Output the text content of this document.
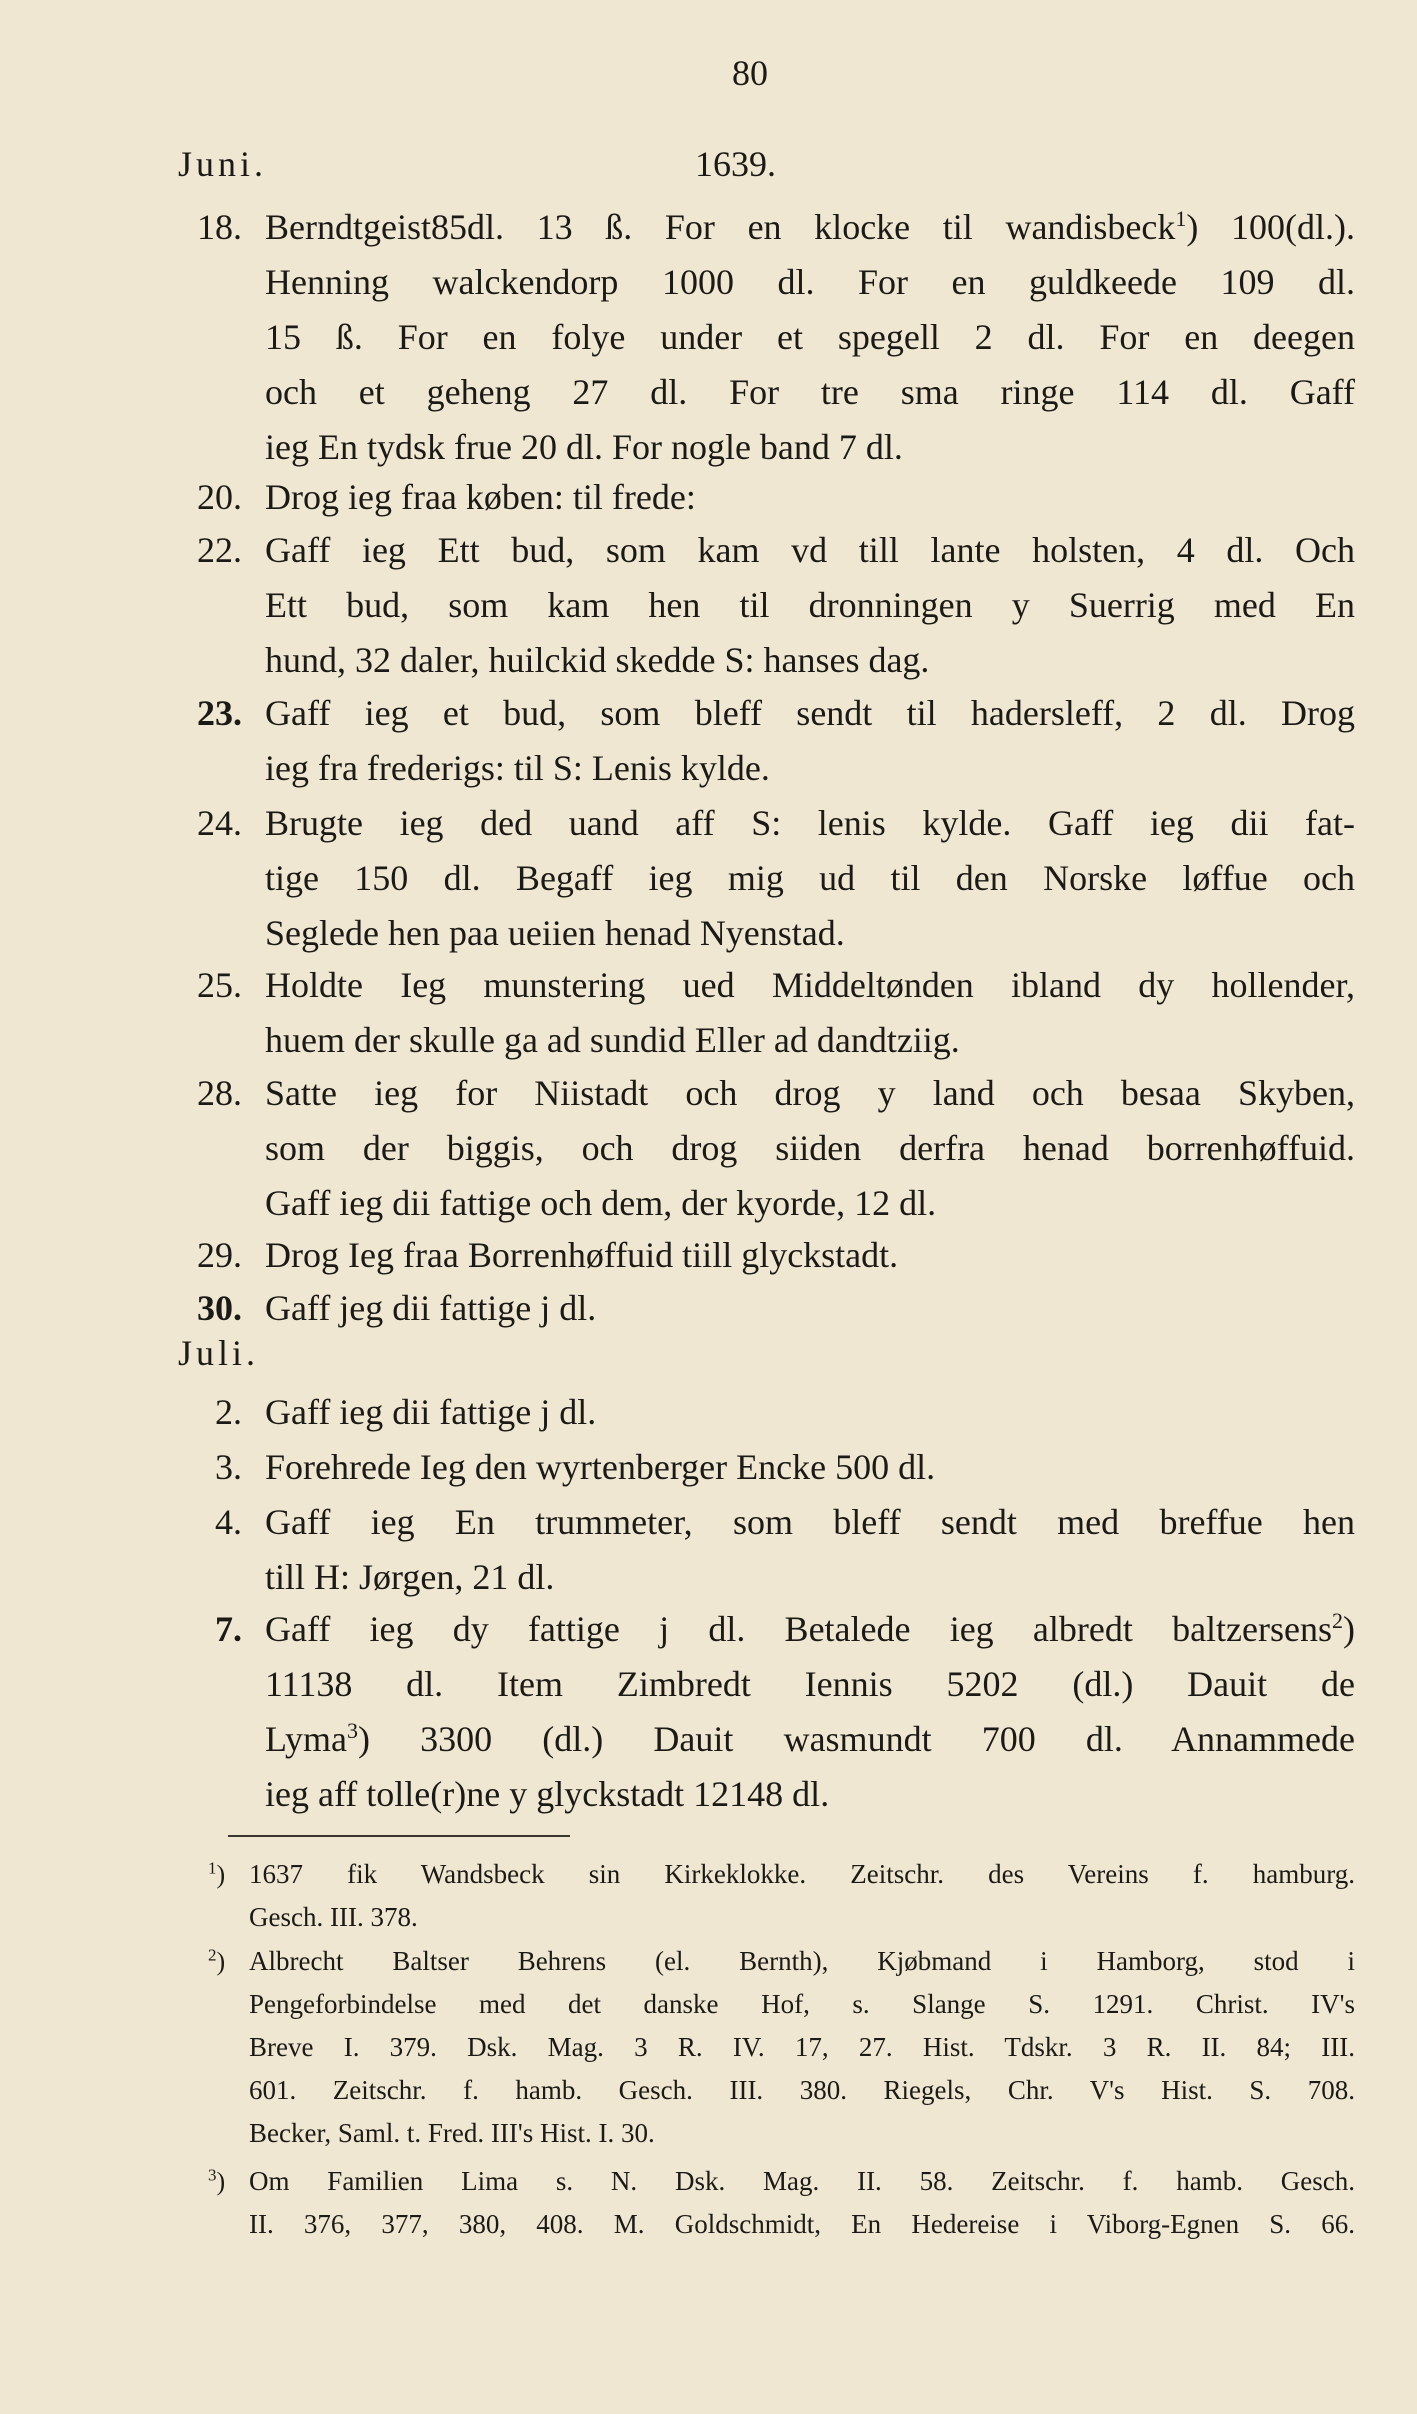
80
Juni.	1639.
18. Berndtgeist85dl. 13 ß. For en klocke til wandisbeck$^1$) 100(dl.).
Henning walckendorp 1000 dl. For en guldkeede 109 dl.
15 ß. For en folye under et spegell 2 dl. For en deegen
och et geheng 27 dl. For tre sma ringe 114 dl. Gaff
ieg En tydsk frue 20 dl. For nogle band 7 dl.
20. Drog ieg fraa køben: til frede:
22. Gaff ieg Ett bud, som kam vd till lante holsten, 4 dl. Och
Ett bud, som kam hen til dronningen y Suerrig med En
hund, 32 daler, huilckid skedde S: hanses dag.
23. Gaff ieg et bud, som bleff sendt til hadersleff, 2 dl. Drog
ieg fra frederigs: til S: Lenis kylde.
24. Brugte ieg ded uand aff S: lenis kylde. Gaff ieg dii fat-
tige 150 dl. Begaff ieg mig ud til den Norske løffue och
Seglede hen paa ueiien henad Nyenstad.
25. Holdte Ieg munstering ued Middeltønden ibland dy hollender,
huem der skulle ga ad sundid Eller ad dandtziig.
28. Satte ieg for Niistadt och drog y land och besaa Skyben,
som der biggis, och drog siiden derfra henad borrenhøffuid.
Gaff ieg dii fattige och dem, der kyorde, 12 dl.
29. Drog Ieg fraa Borrenhøffuid tiill glyckstadt.
30. Gaff jeg dii fattige j dl.
Juli.
2. Gaff ieg dii fattige j dl.
3. Forehrede Ieg den wyrtenberger Encke 500 dl.
4. Gaff ieg En trummeter, som bleff sendt med breffue hen
till H: Jørgen, 21 dl.
7. Gaff ieg dy fattige j dl. Betalede ieg albredt baltzersens$^2$)
11138 dl. Item Zimbredt Iennis 5202 (dl.) Dauit de
Lyma$^3$) 3300 (dl.) Dauit wasmundt 700 dl. Annammede
ieg aff tolle(r)ne y glyckstadt 12148 dl.
$^1$) 1637 fik Wandsbeck sin Kirkeklokke. Zeitschr. des Vereins f. hamburg.
Gesch. III. 378.
$^2$) Albrecht Baltser Behrens (el. Bernth), Kjøbmand i Hamborg, stod i
Pengeforbindelse med det danske Hof, s. Slange S. 1291. Christ. IV's
Breve I. 379. Dsk. Mag. 3 R. IV. 17, 27. Hist. Tdskr. 3 R. II. 84; III.
601. Zeitschr. f. hamb. Gesch. III. 380. Riegels, Chr. V's Hist. S. 708.
Becker, Saml. t. Fred. III's Hist. I. 30.
$^3$) Om Familien Lima s. N. Dsk. Mag. II. 58. Zeitschr. f. hamb. Gesch.
II. 376, 377, 380, 408. M. Goldschmidt, En Hedereise i Viborg-Egnen S. 66.
